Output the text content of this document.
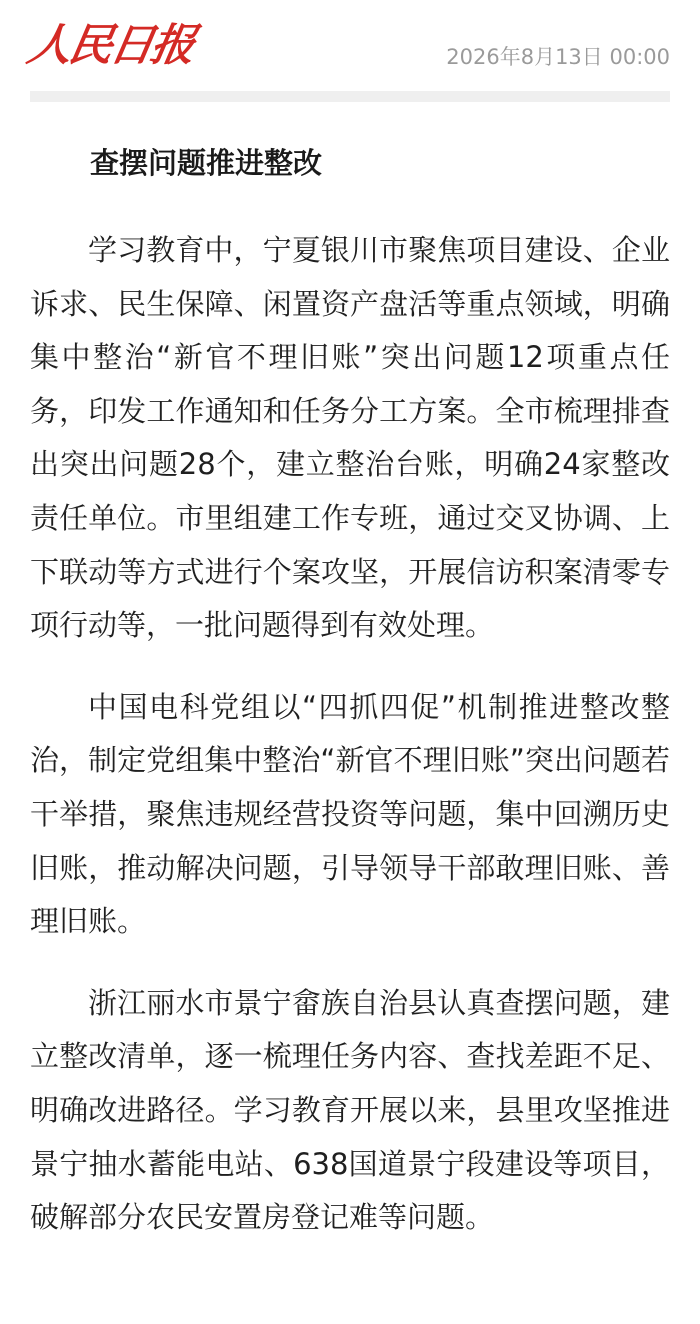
人民日报	2026年8月13日 00:00
查摆问题推进整改

学习教育中，宁夏银川市聚焦项目建设、企业诉求、民生保障、闲置资产盘活等重点领域，明确集中整治“新官不理旧账”突出问题12项重点任务，印发工作通知和任务分工方案。全市梳理排查出突出问题28个，建立整治台账，明确24家整改责任单位。市里组建工作专班，通过交叉协调、上下联动等方式进行个案攻坚，开展信访积案清零专项行动等，一批问题得到有效处理。

中国电科党组以“四抓四促”机制推进整改整治，制定党组集中整治“新官不理旧账”突出问题若干举措，聚焦违规经营投资等问题，集中回溯历史旧账，推动解决问题，引导领导干部敢理旧账、善理旧账。

浙江丽水市景宁畲族自治县认真查摆问题，建立整改清单，逐一梳理任务内容、查找差距不足、明确改进路径。学习教育开展以来，县里攻坚推进景宁抽水蓄能电站、638国道景宁段建设等项目，破解部分农民安置房登记难等问题。
